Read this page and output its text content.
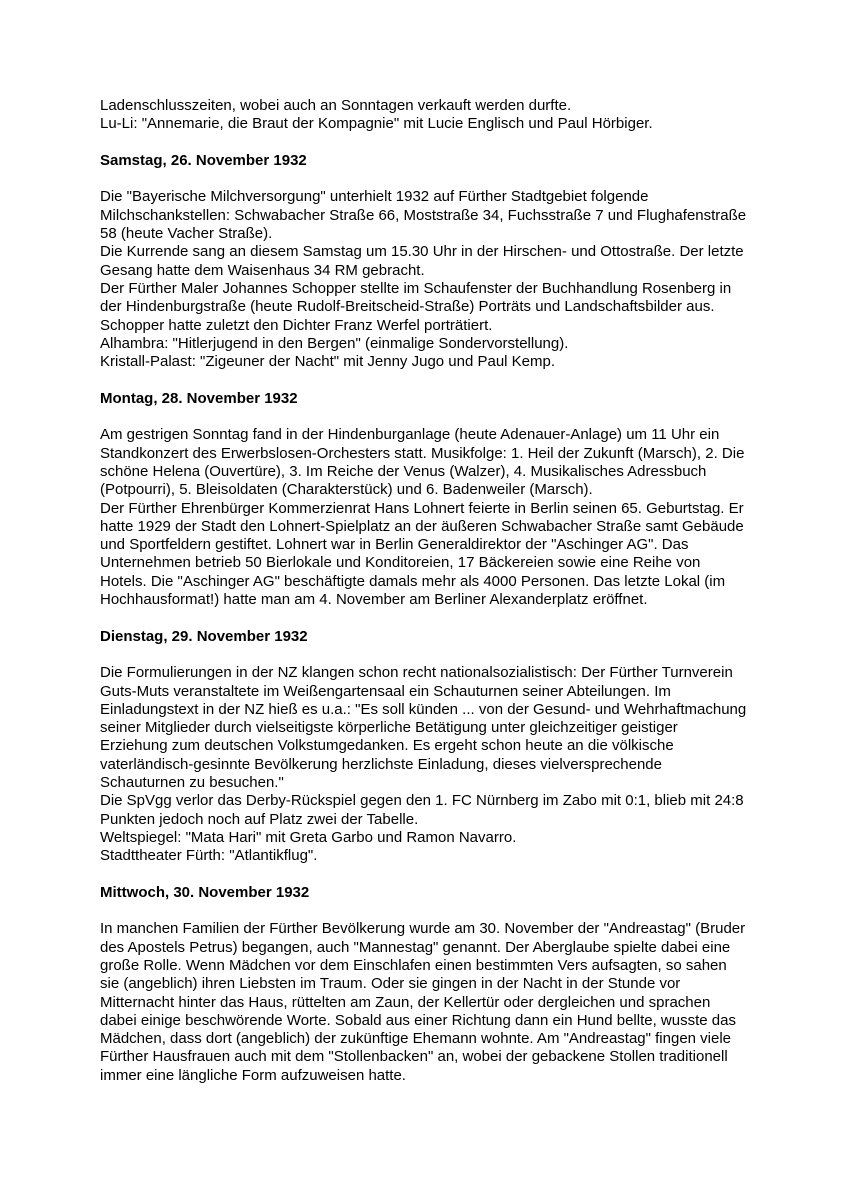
Ladenschlusszeiten, wobei auch an Sonntagen verkauft werden durfte.

Lu-Li: "Annemarie, die Braut der Kompagnie" mit Lucie Englisch und Paul Hörbiger.

Samstag, 26. November 1932

Die "Bayerische Milchversorgung" unterhielt 1932 auf Fürther Stadtgebiet folgende Milchschankstellen: Schwabacher Straße 66, Moststraße 34, Fuchsstraße 7 und Flughafenstraße 58 (heute Vacher Straße).

Die Kurrende sang an diesem Samstag um 15.30 Uhr in der Hirschen- und Ottostraße. Der letzte Gesang hatte dem Waisenhaus 34 RM gebracht.

Der Fürther Maler Johannes Schopper stellte im Schaufenster der Buchhandlung Rosenberg in der Hindenburgstraße (heute Rudolf-Breitscheid-Straße) Porträts und Landschaftsbilder aus. Schopper hatte zuletzt den Dichter Franz Werfel porträtiert.

Alhambra: "Hitlerjugend in den Bergen" (einmalige Sondervorstellung).

Kristall-Palast: "Zigeuner der Nacht" mit Jenny Jugo und Paul Kemp.

Montag, 28. November 1932

Am gestrigen Sonntag fand in der Hindenburganlage (heute Adenauer-Anlage) um 11 Uhr ein Standkonzert des Erwerbslosen-Orchesters statt. Musikfolge: 1. Heil der Zukunft (Marsch), 2. Die schöne Helena (Ouvertüre), 3. Im Reiche der Venus (Walzer), 4. Musikalisches Adressbuch (Potpourri), 5. Bleisoldaten (Charakterstück) und 6. Badenweiler (Marsch).

Der Fürther Ehrenbürger Kommerzienrat Hans Lohnert feierte in Berlin seinen 65. Geburtstag. Er hatte 1929 der Stadt den Lohnert-Spielplatz an der äußeren Schwabacher Straße samt Gebäude und Sportfeldern gestiftet. Lohnert war in Berlin Generaldirektor der "Aschinger AG". Das Unternehmen betrieb 50 Bierlokale und Konditoreien, 17 Bäckereien sowie eine Reihe von Hotels. Die "Aschinger AG" beschäftigte damals mehr als 4000 Personen. Das letzte Lokal (im Hochhausformat!) hatte man am 4. November am Berliner Alexanderplatz eröffnet.

Dienstag, 29. November 1932

Die Formulierungen in der NZ klangen schon recht nationalsozialistisch: Der Fürther Turnverein Guts-Muts veranstaltete im Weißengartensaal ein Schauturnen seiner Abteilungen. Im Einladungstext in der NZ hieß es u.a.: "Es soll künden ... von der Gesund- und Wehrhaftmachung seiner Mitglieder durch vielseitigste körperliche Betätigung unter gleichzeitiger geistiger Erziehung zum deutschen Volkstumgedanken. Es ergeht schon heute an die völkische vaterländisch-gesinnte Bevölkerung herzlichste Einladung, dieses vielversprechende Schauturnen zu besuchen."

Die SpVgg verlor das Derby-Rückspiel gegen den 1. FC Nürnberg im Zabo mit 0:1, blieb mit 24:8 Punkten jedoch noch auf Platz zwei der Tabelle.

Weltspiegel: "Mata Hari" mit Greta Garbo und Ramon Navarro.

Stadttheater Fürth: "Atlantikflug".

Mittwoch, 30. November 1932

In manchen Familien der Fürther Bevölkerung wurde am 30. November der "Andreastag" (Bruder des Apostels Petrus) begangen, auch "Mannestag" genannt. Der Aberglaube spielte dabei eine große Rolle. Wenn Mädchen vor dem Einschlafen einen bestimmten Vers aufsagten, so sahen sie (angeblich) ihren Liebsten im Traum. Oder sie gingen in der Nacht in der Stunde vor Mitternacht hinter das Haus, rüttelten am Zaun, der Kellertür oder dergleichen und sprachen dabei einige beschwörende Worte. Sobald aus einer Richtung dann ein Hund bellte, wusste das Mädchen, dass dort (angeblich) der zukünftige Ehemann wohnte. Am "Andreastag" fingen viele Fürther Hausfrauen auch mit dem "Stollenbacken" an, wobei der gebackene Stollen traditionell immer eine längliche Form aufzuweisen hatte.
